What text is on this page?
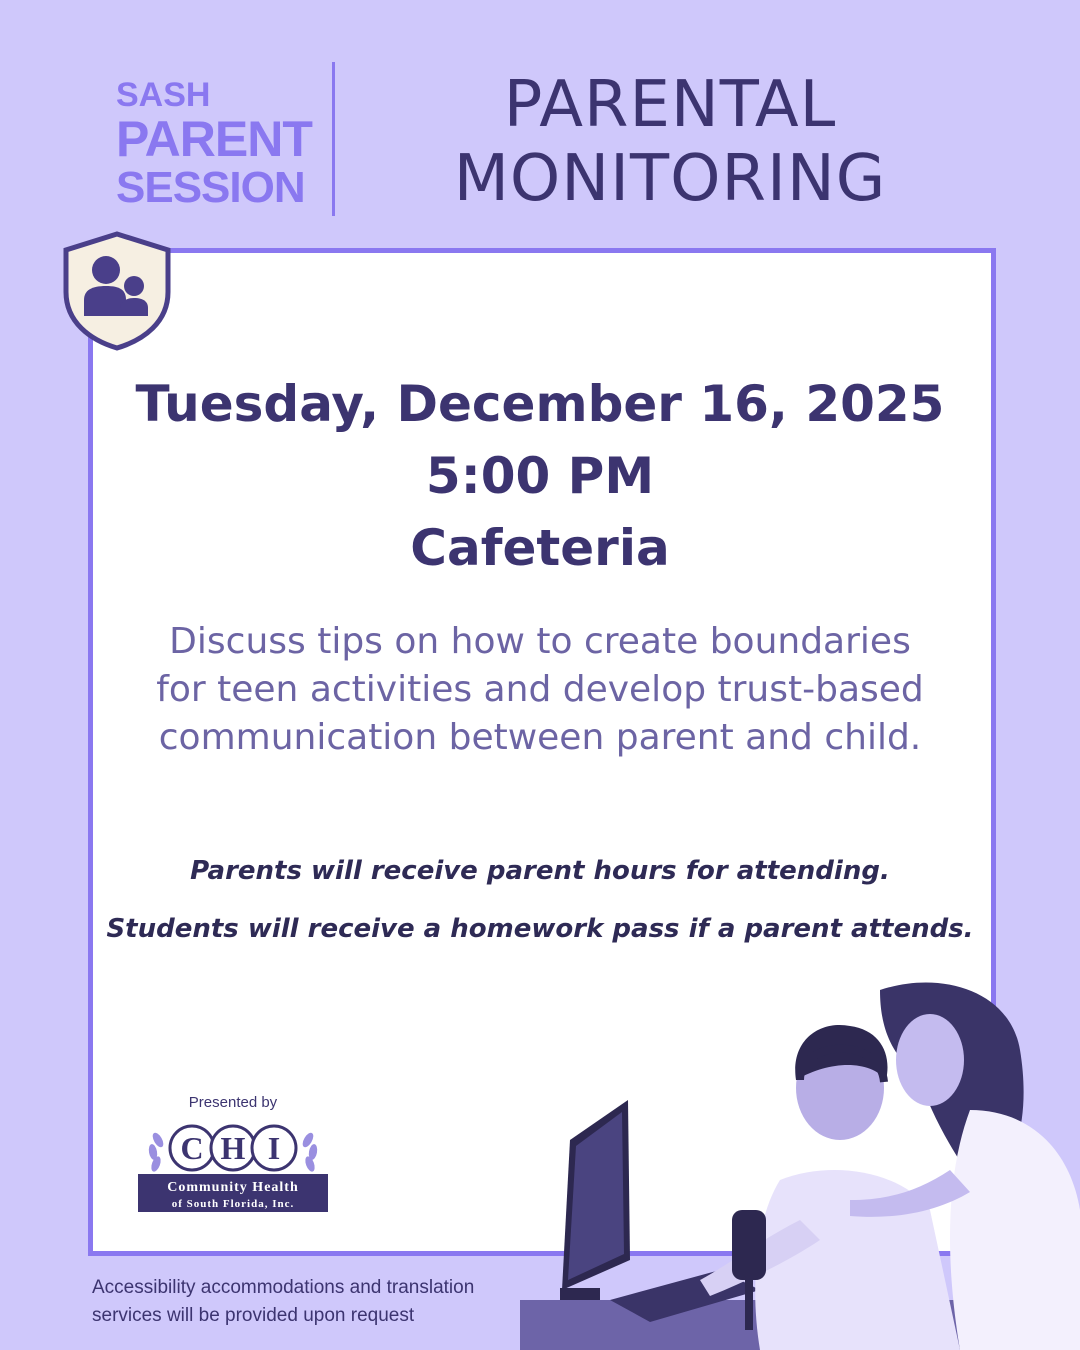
SASH
PARENT
SESSION
PARENTAL
MONITORING
Tuesday, December 16, 2025
5:00 PM
Cafeteria
Discuss tips on how to create boundaries
for teen activities and develop trust-based
communication between parent and child.
Parents will receive parent hours for attending.
Students will receive a homework pass if a parent attends.
Presented by
C H I
Community Health
of South Florida, Inc.
Accessibility accommodations and translation
services will be provided upon request
